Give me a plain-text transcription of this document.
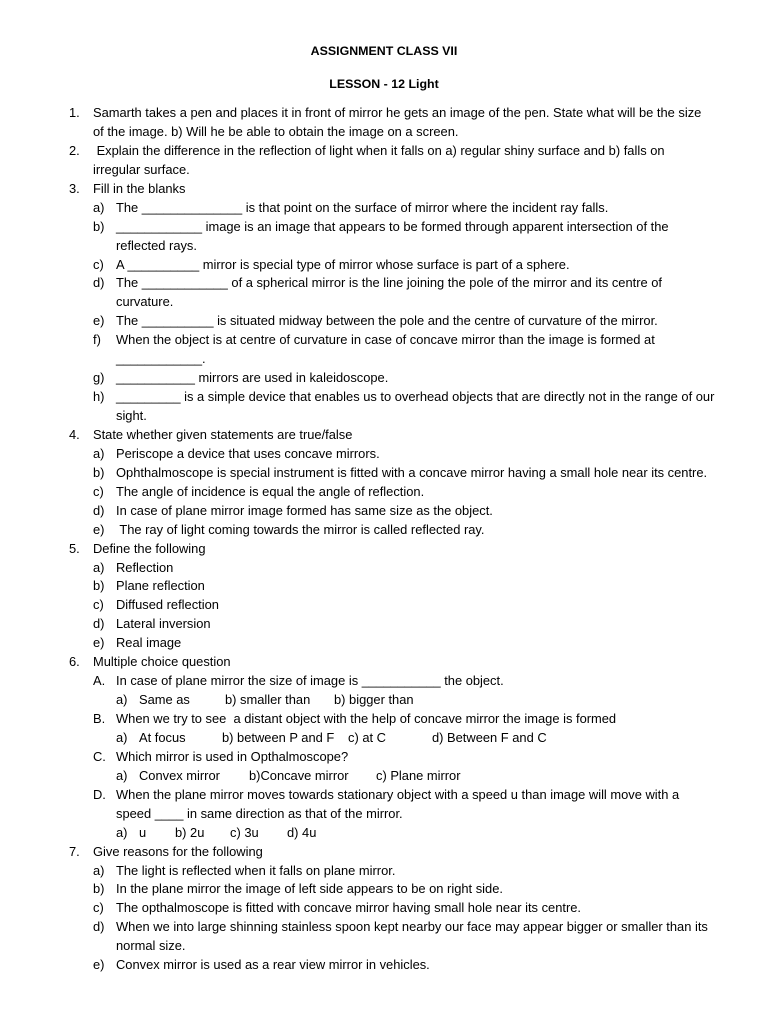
ASSIGNMENT CLASS VII
LESSON - 12 Light
1. Samarth takes a pen and places it in front of mirror he gets an image of the pen. State what will be the size
of the image. b) Will he be able to obtain the image on a screen.
2. Explain the difference in the reflection of light when it falls on a) regular shiny surface and b) falls on
irregular surface.
3. Fill in the blanks
a) The ______________ is that point on the surface of mirror where the incident ray falls.
b) ____________ image is an image that appears to be formed through apparent intersection of the
reflected rays.
c) A __________ mirror is special type of mirror whose surface is part of a sphere.
d) The ____________ of a spherical mirror is the line joining the pole of the mirror and its centre of
curvature.
e) The __________ is situated midway between the pole and the centre of curvature of the mirror.
f) When the object is at centre of curvature in case of concave mirror than the image is formed at
____________.
g) ___________ mirrors are used in kaleidoscope.
h) _________ is a simple device that enables us to overhead objects that are directly not in the range of our
sight.
4. State whether given statements are true/false
a) Periscope a device that uses concave mirrors.
b) Ophthalmoscope is special instrument is fitted with a concave mirror having a small hole near its centre.
c) The angle of incidence is equal the angle of reflection.
d) In case of plane mirror image formed has same size as the object.
e) The ray of light coming towards the mirror is called reflected ray.
5. Define the following
a) Reflection
b) Plane reflection
c) Diffused reflection
d) Lateral inversion
e) Real image
6. Multiple choice question
A. In case of plane mirror the size of image is ___________ the object.
a) Same as	b) smaller than b) bigger than
B. When we try to see  a distant object with the help of concave mirror the image is formed
a) At focus	b) between P and F c) at C	d) Between F and C
C. Which mirror is used in Opthalmoscope?
a) Convex mirror b)Concave mirror c) Plane mirror
D. When the plane mirror moves towards stationary object with a speed u than image will move with a
speed ____ in same direction as that of the mirror.
a) u b) 2u c) 3u d) 4u
7. Give reasons for the following
a) The light is reflected when it falls on plane mirror.
b) In the plane mirror the image of left side appears to be on right side.
c) The opthalmoscope is fitted with concave mirror having small hole near its centre.
d) When we into large shinning stainless spoon kept nearby our face may appear bigger or smaller than its
normal size.
e) Convex mirror is used as a rear view mirror in vehicles.
